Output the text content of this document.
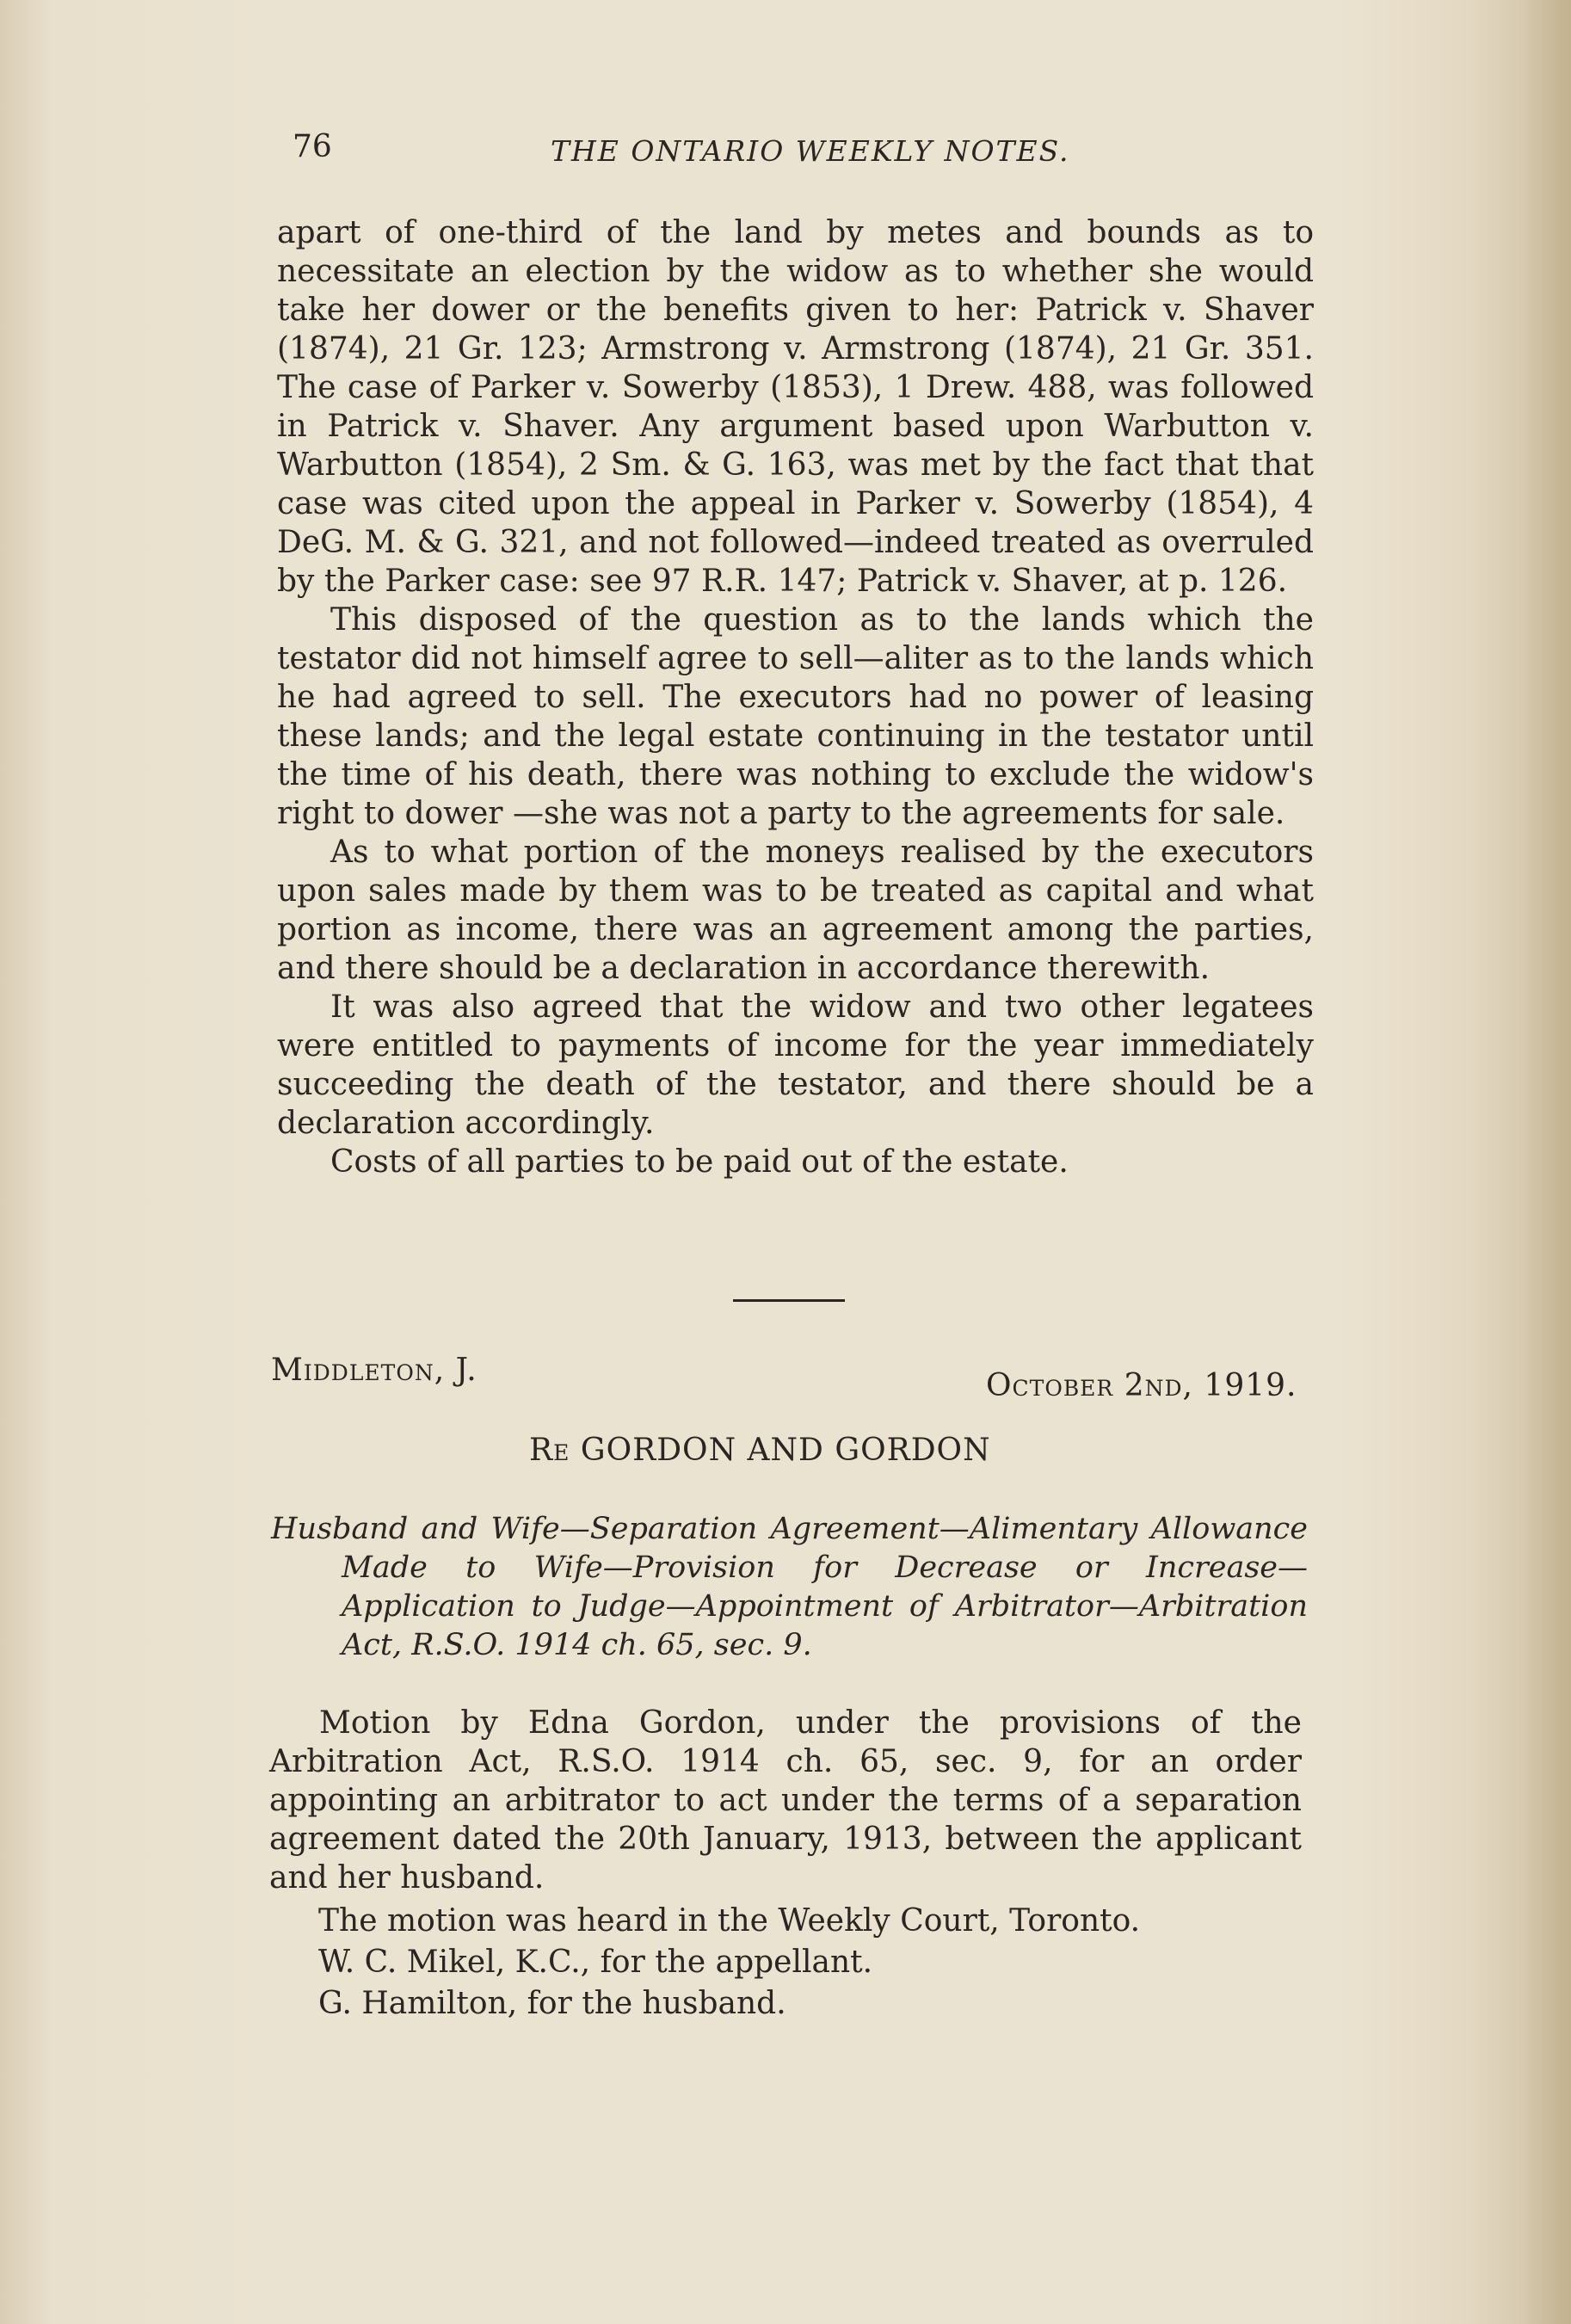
76	THE ONTARIO WEEKLY NOTES.

apart of one-third of the land by metes and bounds as to necessitate an election by the widow as to whether she would take her dower or the benefits given to her: Patrick v. Shaver (1874), 21 Gr. 123; Armstrong v. Armstrong (1874), 21 Gr. 351. The case of Parker v. Sowerby (1853), 1 Drew. 488, was followed in Patrick v. Shaver. Any argument based upon Warbutton v. Warbutton (1854), 2 Sm. & G. 163, was met by the fact that that case was cited upon the appeal in Parker v. Sowerby (1854), 4 DeG. M. & G. 321, and not followed—indeed treated as overruled by the Parker case: see 97 R.R. 147; Patrick v. Shaver, at p. 126.

This disposed of the question as to the lands which the testator did not himself agree to sell—aliter as to the lands which he had agreed to sell. The executors had no power of leasing these lands; and the legal estate continuing in the testator until the time of his death, there was nothing to exclude the widow's right to dower —she was not a party to the agreements for sale.

As to what portion of the moneys realised by the executors upon sales made by them was to be treated as capital and what portion as income, there was an agreement among the parties, and there should be a declaration in accordance therewith.

It was also agreed that the widow and two other legatees were entitled to payments of income for the year immediately succeeding the death of the testator, and there should be a declaration accordingly.

Costs of all parties to be paid out of the estate.

Middleton, J.	October 2nd, 1919.
Re GORDON AND GORDON
Husband and Wife—Separation Agreement—Alimentary Allowance Made to Wife—Provision for Decrease or Increase—Application to Judge—Appointment of Arbitrator—Arbitration Act, R.S.O. 1914 ch. 65, sec. 9.
Motion by Edna Gordon, under the provisions of the Arbitration Act, R.S.O. 1914 ch. 65, sec. 9, for an order appointing an arbitrator to act under the terms of a separation agreement dated the 20th January, 1913, between the applicant and her husband.
The motion was heard in the Weekly Court, Toronto.
W. C. Mikel, K.C., for the appellant.
G. Hamilton, for the husband.
